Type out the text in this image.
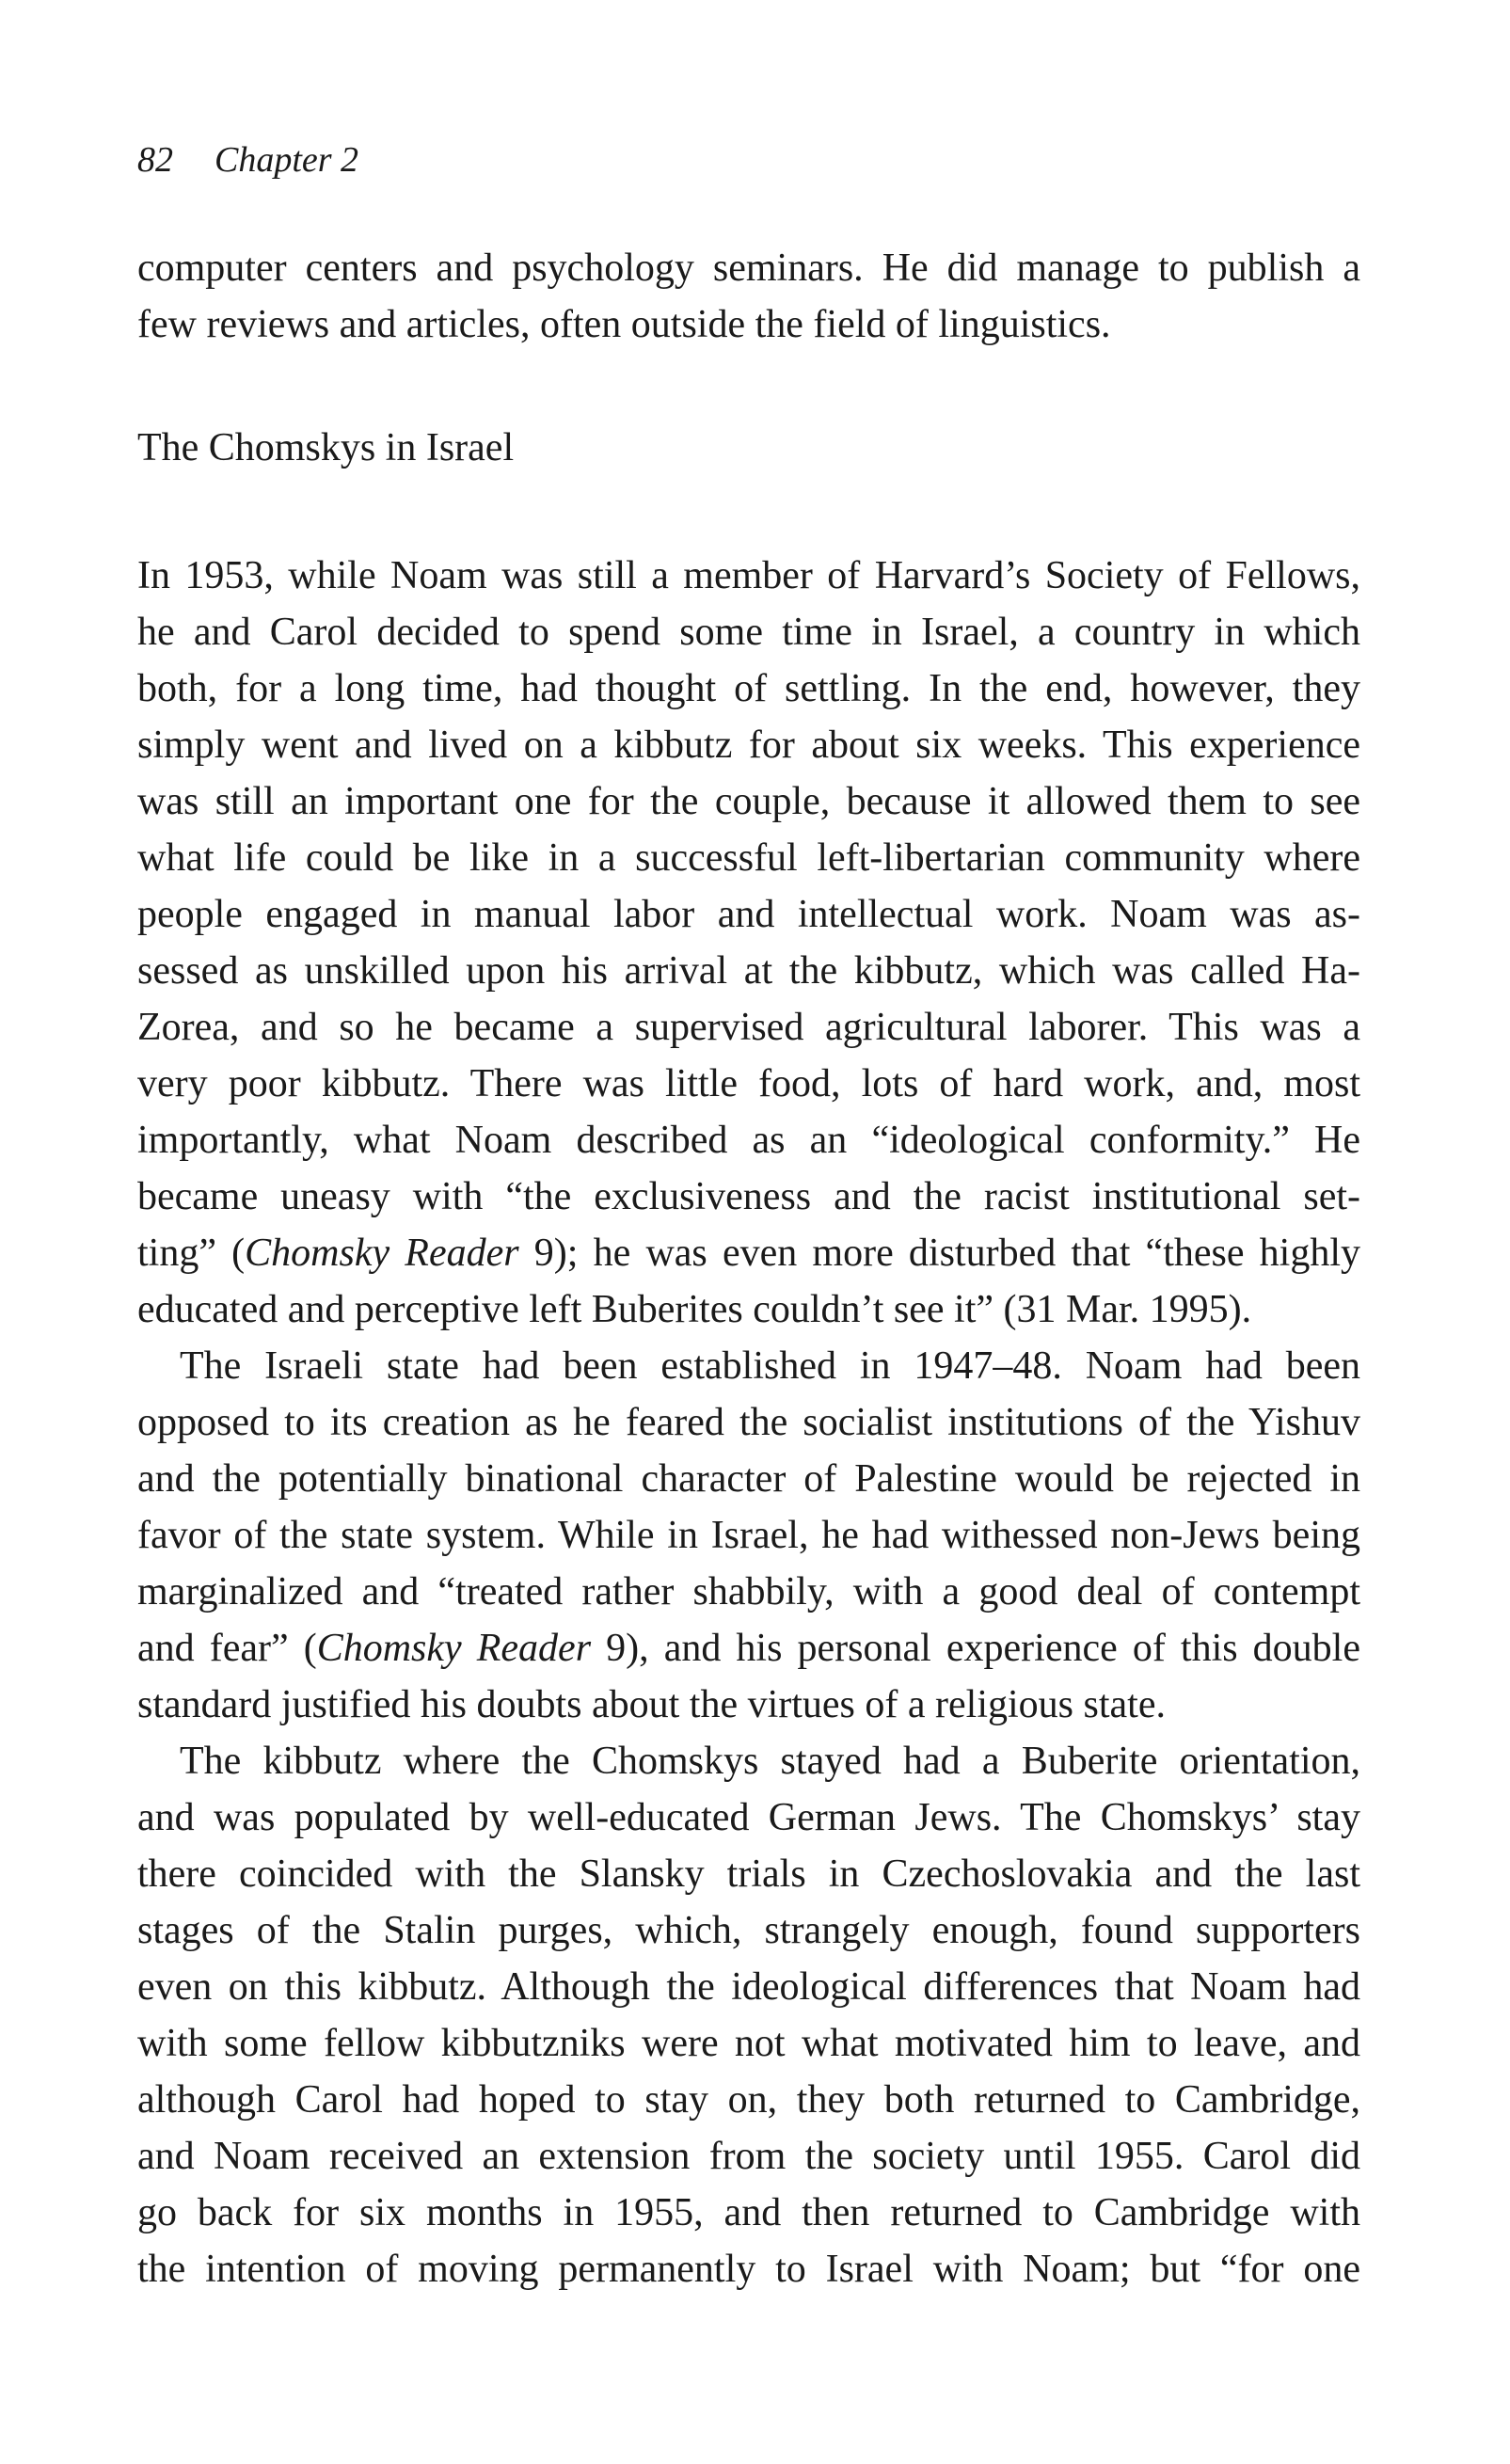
82 Chapter 2
computer centers and psychology seminars. He did manage to publish a
few reviews and articles, often outside the field of linguistics.
The Chomskys in Israel
In 1953, while Noam was still a member of Harvard’s Society of Fellows,
he and Carol decided to spend some time in Israel, a country in which
both, for a long time, had thought of settling. In the end, however, they
simply went and lived on a kibbutz for about six weeks. This experience
was still an important one for the couple, because it allowed them to see
what life could be like in a successful left-libertarian community where
people engaged in manual labor and intellectual work. Noam was as-
sessed as unskilled upon his arrival at the kibbutz, which was called Ha-
Zorea, and so he became a supervised agricultural laborer. This was a
very poor kibbutz. There was little food, lots of hard work, and, most
importantly, what Noam described as an “ideological conformity.” He
became uneasy with “the exclusiveness and the racist institutional set-
ting” (Chomsky Reader 9); he was even more disturbed that “these highly
educated and perceptive left Buberites couldn’t see it” (31 Mar. 1995).
The Israeli state had been established in 1947–48. Noam had been
opposed to its creation as he feared the socialist institutions of the Yishuv
and the potentially binational character of Palestine would be rejected in
favor of the state system. While in Israel, he had withessed non-Jews being
marginalized and “treated rather shabbily, with a good deal of contempt
and fear” (Chomsky Reader 9), and his personal experience of this double
standard justified his doubts about the virtues of a religious state.
The kibbutz where the Chomskys stayed had a Buberite orientation,
and was populated by well-educated German Jews. The Chomskys’ stay
there coincided with the Slansky trials in Czechoslovakia and the last
stages of the Stalin purges, which, strangely enough, found supporters
even on this kibbutz. Although the ideological differences that Noam had
with some fellow kibbutzniks were not what motivated him to leave, and
although Carol had hoped to stay on, they both returned to Cambridge,
and Noam received an extension from the society until 1955. Carol did
go back for six months in 1955, and then returned to Cambridge with
the intention of moving permanently to Israel with Noam; but “for one
